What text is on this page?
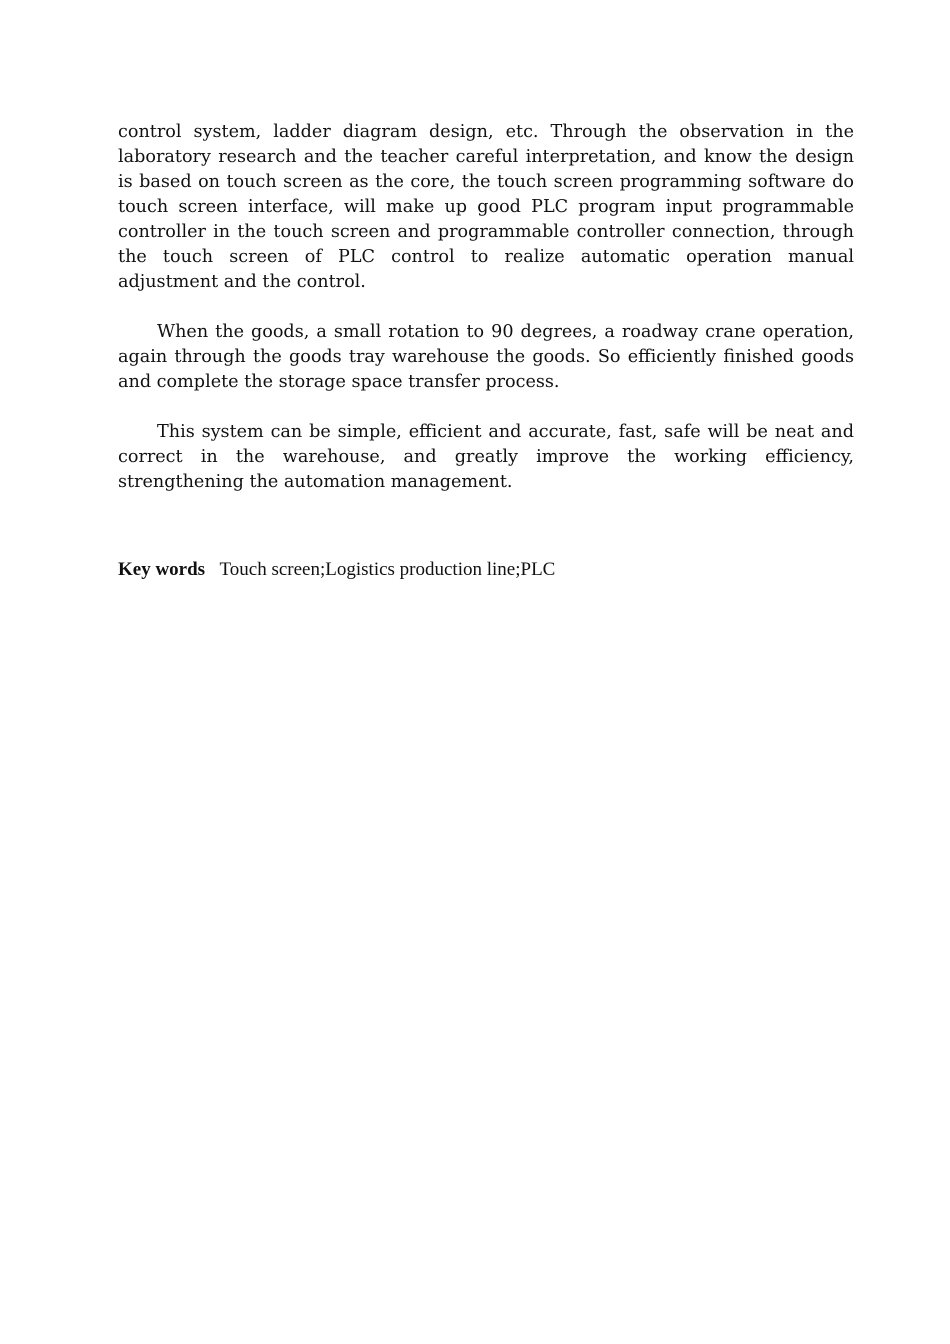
control system, ladder diagram design, etc. Through the observation in the laboratory research and the teacher careful interpretation, and know the design is based on touch screen as the core, the touch screen programming software do touch screen interface, will make up good PLC program input programmable controller in the touch screen and programmable controller connection, through the touch screen of PLC control to realize automatic operation manual adjustment and the control.

When the goods, a small rotation to 90 degrees, a roadway crane operation, again through the goods tray warehouse the goods. So efficiently finished goods and complete the storage space transfer process.

This system can be simple, efficient and accurate, fast, safe will be neat and correct in the warehouse, and greatly improve the working efficiency, strengthening the automation management.

Key words Touch screen;Logistics production line;PLC
